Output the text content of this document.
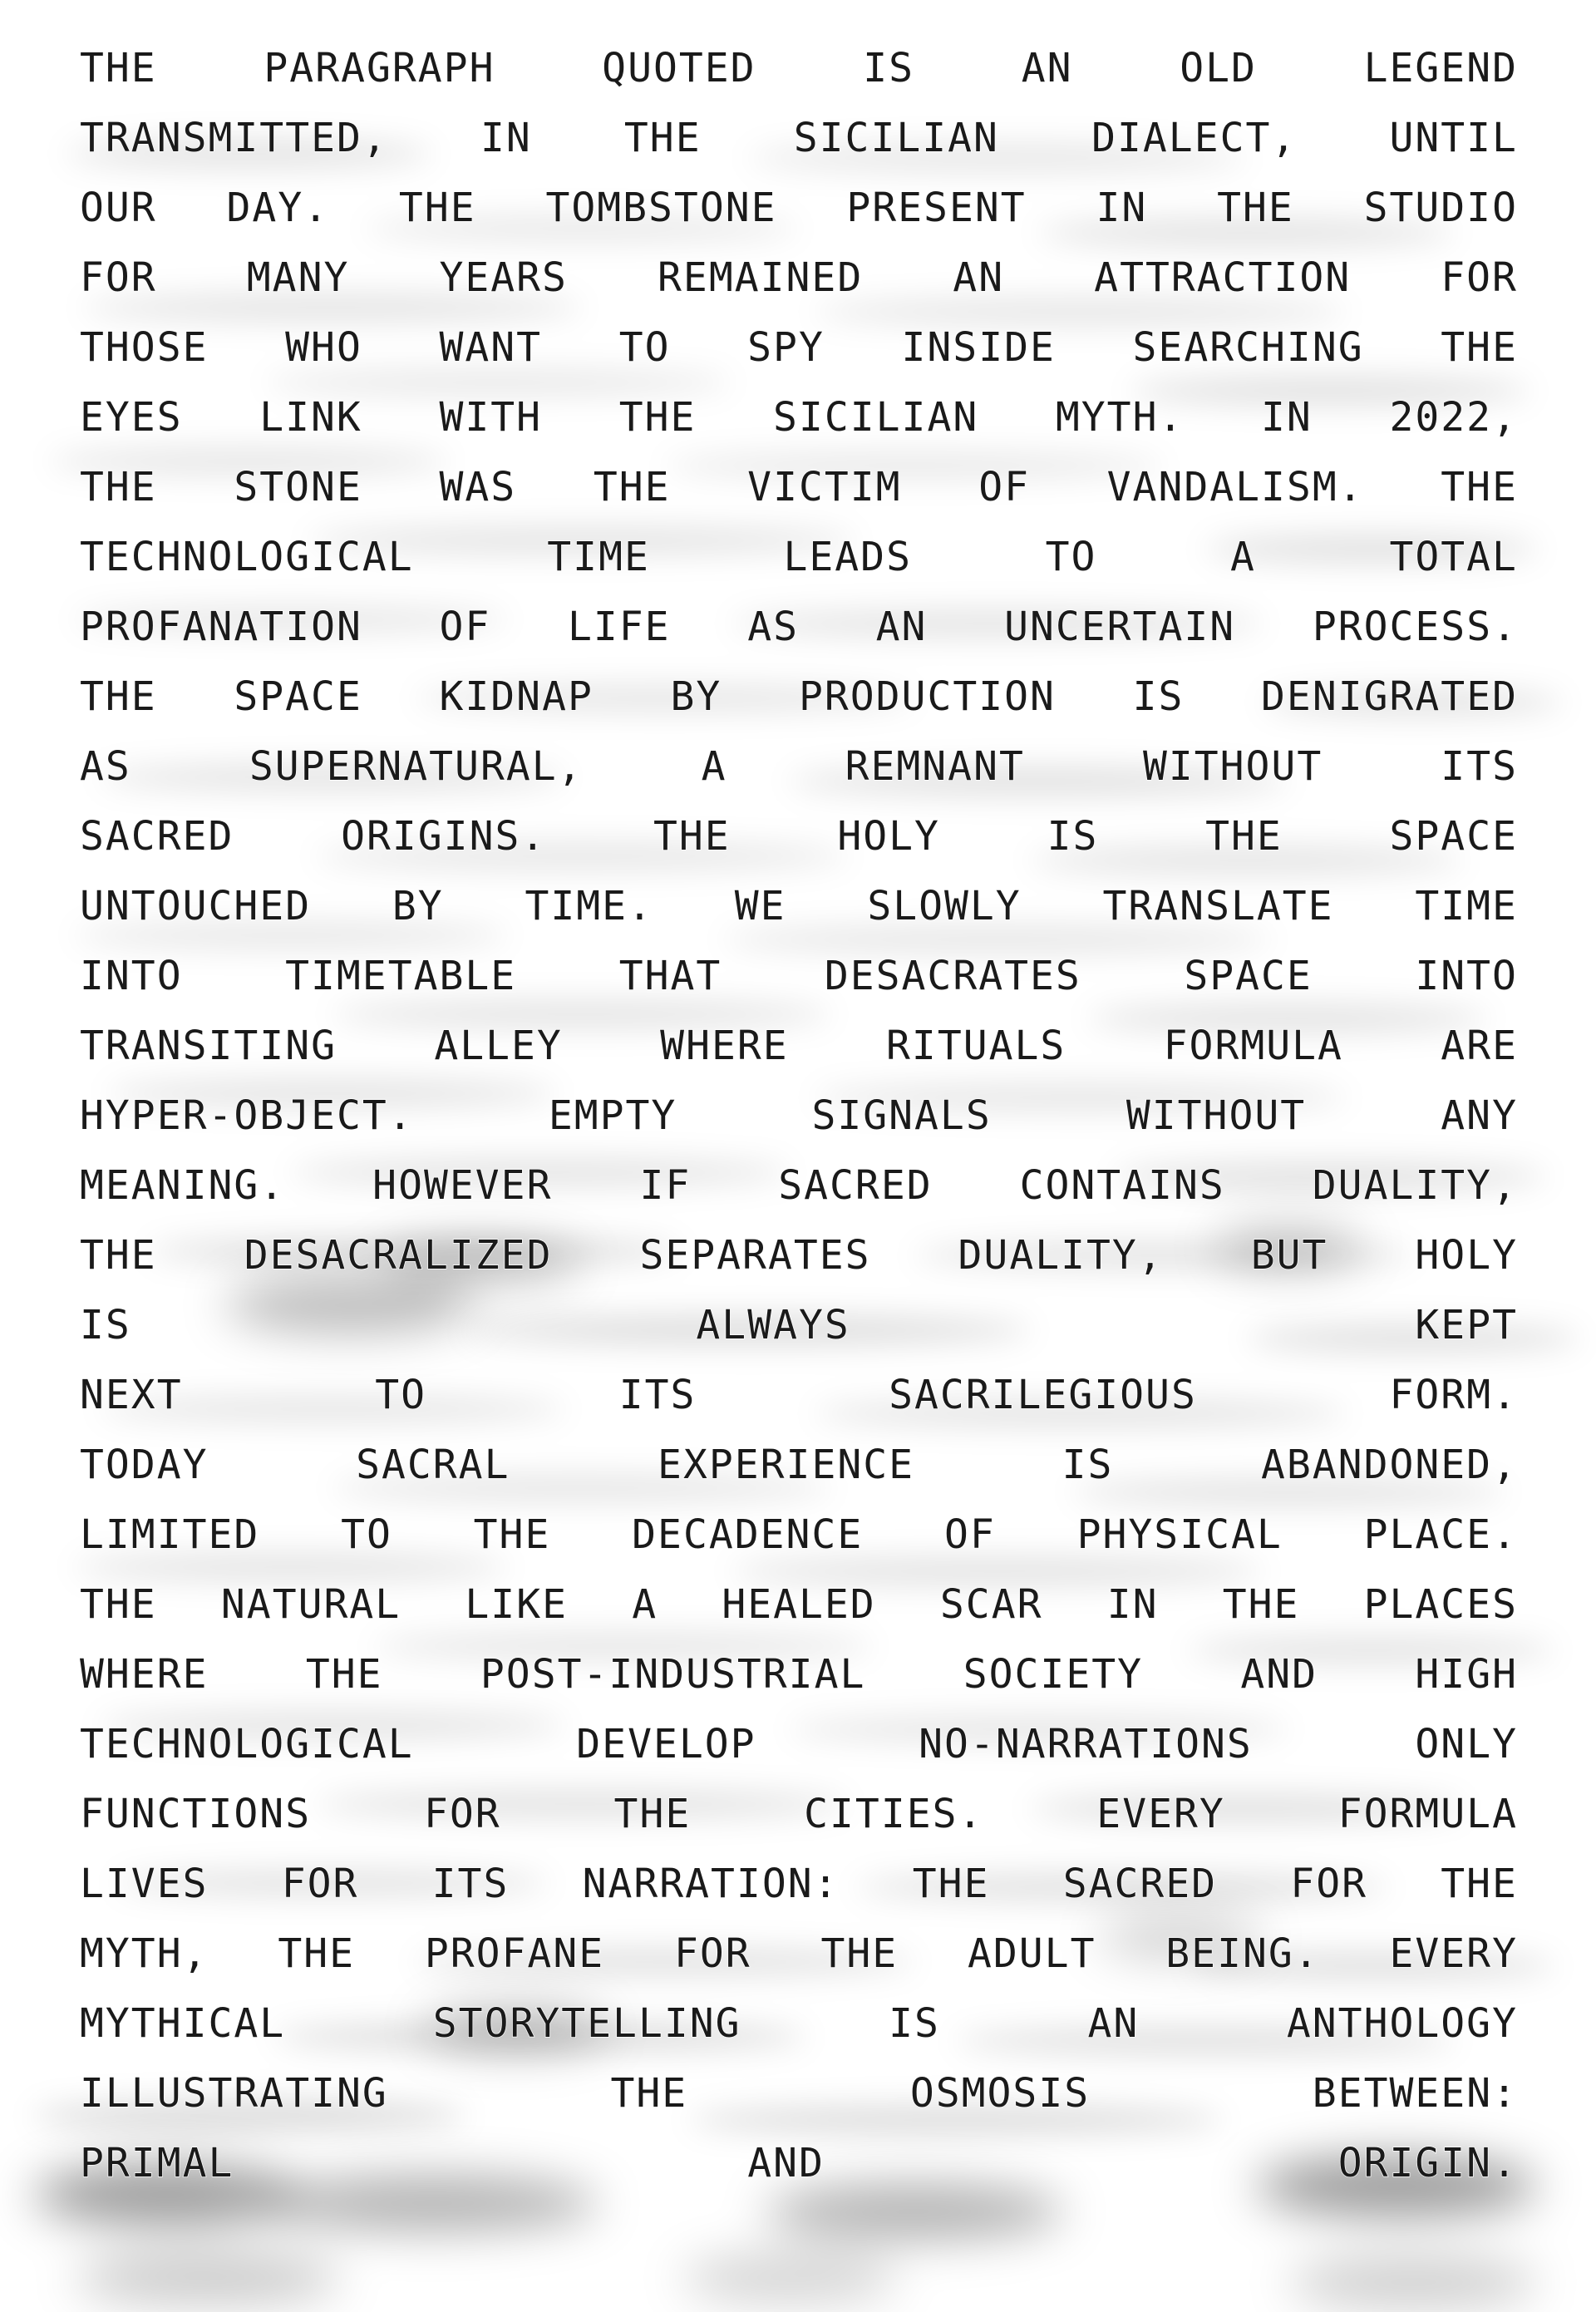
THE	PARAGRAPH	QUOTED	IS	AN	OLD	LEGEND
TRANSMITTED, IN THE SICILIAN DIALECT, UNTIL
OUR DAY. THE TOMBSTONE PRESENT IN THE STUDIO
FOR MANY YEARS REMAINED AN ATTRACTION FOR
THOSE WHO WANT TO SPY INSIDE SEARCHING THE
EYES LINK WITH THE SICILIAN MYTH. IN 2022,
THE STONE WAS THE VICTIM OF VANDALISM. THE
TECHNOLOGICAL	TIME	LEADS	TO	A	TOTAL
PROFANATION OF LIFE AS AN UNCERTAIN PROCESS.
THE SPACE KIDNAP BY PRODUCTION IS DENIGRATED
AS	SUPERNATURAL,	A	REMNANT	WITHOUT	ITS
SACRED	ORIGINS.	THE	HOLY	IS	THE	SPACE
UNTOUCHED BY TIME. WE SLOWLY TRANSLATE TIME
INTO	TIMETABLE	THAT	DESACRATES	SPACE	INTO
TRANSITING ALLEY WHERE RITUALS FORMULA ARE
HYPER-OBJECT.	EMPTY	SIGNALS	WITHOUT	ANY
MEANING. HOWEVER IF SACRED CONTAINS DUALITY,
THE DESACRALIZED SEPARATES DUALITY, BUT HOLY
IS	ALWAYS	KEPT
NEXT	TO	ITS	SACRILEGIOUS	FORM.
TODAY	SACRAL	EXPERIENCE	IS	ABANDONED,
LIMITED TO THE DECADENCE OF PHYSICAL PLACE.
THE NATURAL LIKE A HEALED SCAR IN THE PLACES
WHERE THE POST-INDUSTRIAL SOCIETY AND HIGH
TECHNOLOGICAL	DEVELOP	NO-NARRATIONS	ONLY
FUNCTIONS	FOR	THE	CITIES.	EVERY	FORMULA
LIVES FOR ITS NARRATION: THE SACRED FOR THE
MYTH, THE PROFANE FOR THE ADULT BEING. EVERY
MYTHICAL	STORYTELLING	IS	AN	ANTHOLOGY
ILLUSTRATING	THE	OSMOSIS	BETWEEN:
PRIMAL	AND	ORIGIN.
